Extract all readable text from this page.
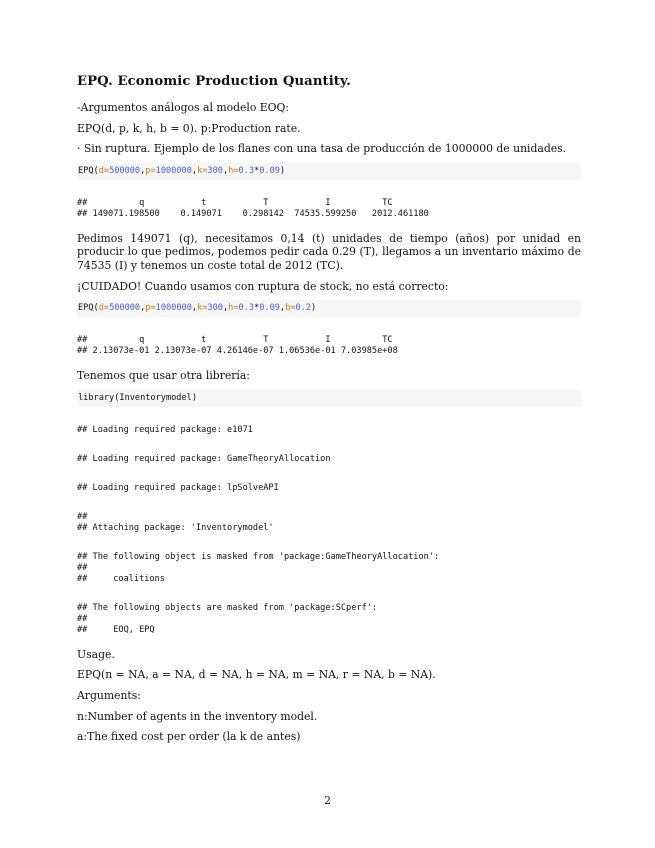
EPQ. Economic Production Quantity.

-Argumentos análogos al modelo EOQ:

EPQ(d, p, k, h, b = 0). p:Production rate.

· Sin ruptura. Ejemplo de los flanes con una tasa de producción de 1000000 de unidades.

EPQ(d=500000,p=1000000,k=300,h=0.3*0.09)
##          q           t           T           I          TC
## 149071.198500    0.149071    0.298142  74535.599250   2012.461180

Pedimos 149071 (q), necesitamos 0,14 (t) unidades de tiempo (años) por unidad en producir lo que pedimos, podemos pedir cada 0.29 (T), llegamos a un inventario máximo de 74535 (I) y tenemos un coste total de 2012 (TC).

¡CUIDADO! Cuando usamos con ruptura de stock, no está correcto:

EPQ(d=500000,p=1000000,k=300,h=0.3*0.09,b=0.2)
##          q           t           T           I          TC
## 2.13073e-01 2.13073e-07 4.26146e-07 1.06536e-01 7.03985e+08

Tenemos que usar otra librería:

library(Inventorymodel)
## Loading required package: e1071
## Loading required package: GameTheoryAllocation
## Loading required package: lpSolveAPI
##
## Attaching package: 'Inventorymodel'
## The following object is masked from 'package:GameTheoryAllocation':
##
##     coalitions
## The following objects are masked from 'package:SCperf':
##
##     EOQ, EPQ

Usage.

EPQ(n = NA, a = NA, d = NA, h = NA, m = NA, r = NA, b = NA).

Arguments:

n:Number of agents in the inventory model.

a:The fixed cost per order (la k de antes)

2
